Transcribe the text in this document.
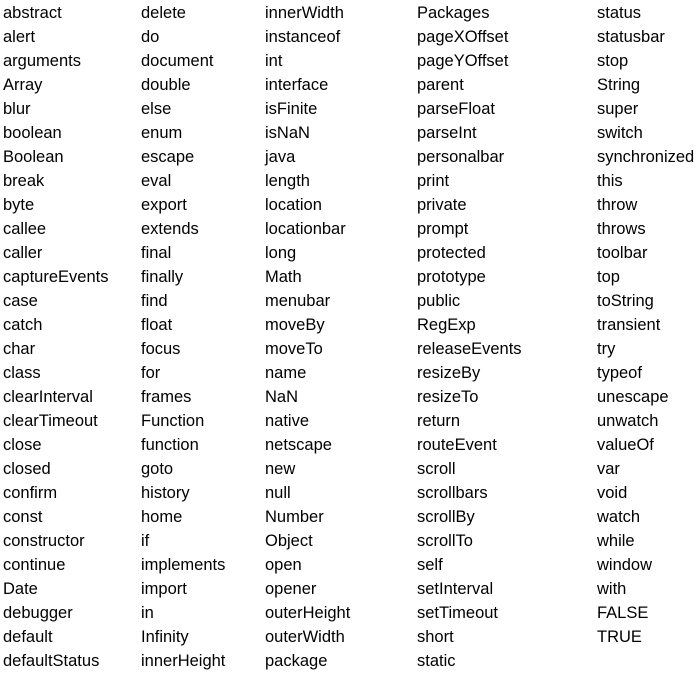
abstract
alert
arguments
Array
blur
boolean
Boolean
break
byte
callee
caller
captureEvents
case
catch
char
class
clearInterval
clearTimeout
close
closed
confirm
const
constructor
continue
Date
debugger
default
defaultStatus
delete
do
document
double
else
enum
escape
eval
export
extends
final
finally
find
float
focus
for
frames
Function
function
goto
history
home
if
implements
import
in
Infinity
innerHeight
innerWidth
instanceof
int
interface
isFinite
isNaN
java
length
location
locationbar
long
Math
menubar
moveBy
moveTo
name
NaN
native
netscape
new
null
Number
Object
open
opener
outerHeight
outerWidth
package
Packages
pageXOffset
pageYOffset
parent
parseFloat
parseInt
personalbar
print
private
prompt
protected
prototype
public
RegExp
releaseEvents
resizeBy
resizeTo
return
routeEvent
scroll
scrollbars
scrollBy
scrollTo
self
setInterval
setTimeout
short
static
status
statusbar
stop
String
super
switch
synchronized
this
throw
throws
toolbar
top
toString
transient
try
typeof
unescape
unwatch
valueOf
var
void
watch
while
window
with
FALSE
TRUE
